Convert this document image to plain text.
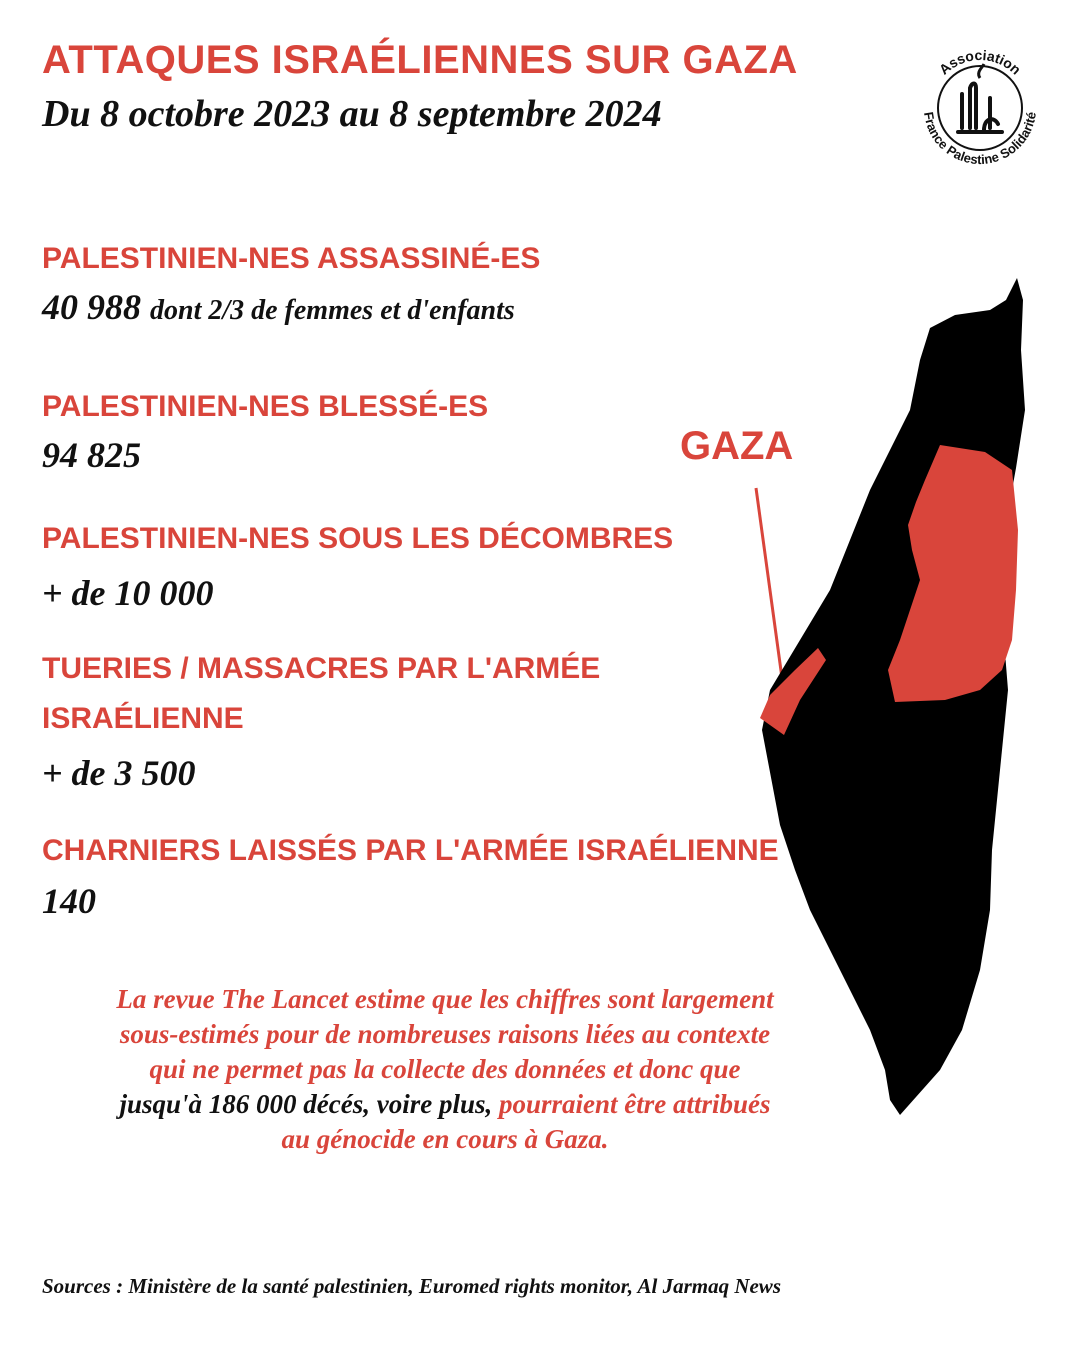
ATTAQUES ISRAÉLIENNES SUR GAZA
Du 8 octobre 2023 au 8 septembre 2024
Association
France Palestine Solidarité
PALESTINIEN-NES ASSASSINÉ-ES
40 988 dont 2/3 de femmes et d'enfants
PALESTINIEN-NES BLESSÉ-ES
94 825
PALESTINIEN-NES SOUS LES DÉCOMBRES
+ de 10 000
TUERIES / MASSACRES PAR L'ARMÉE
ISRAÉLIENNE
+ de 3 500
CHARNIERS LAISSÉS PAR L'ARMÉE ISRAÉLIENNE
140
GAZA
La revue The Lancet estime que les chiffres sont largement sous-estimés pour de nombreuses raisons liées au contexte qui ne permet pas la collecte des données et donc que jusqu'à 186 000 décés, voire plus, pourraient être attribués au génocide en cours à Gaza.
Sources : Ministère de la santé palestinien, Euromed rights monitor, Al Jarmaq News
